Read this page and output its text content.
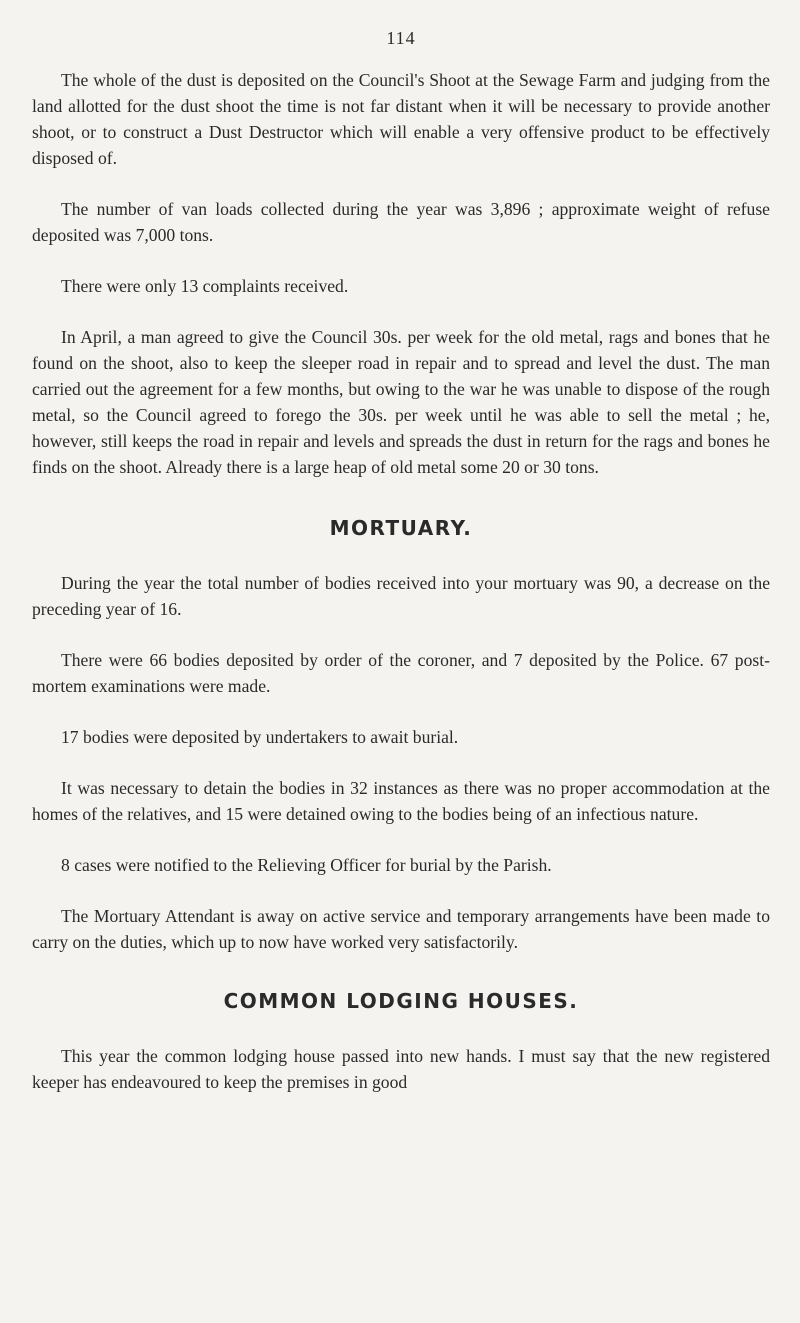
114

The whole of the dust is deposited on the Council's Shoot at the Sewage Farm and judging from the land allotted for the dust shoot the time is not far distant when it will be necessary to provide another shoot, or to construct a Dust Destructor which will enable a very offensive product to be effectively disposed of.

The number of van loads collected during the year was 3,896 ; approximate weight of refuse deposited was 7,000 tons.

There were only 13 complaints received.

In April, a man agreed to give the Council 30s. per week for the old metal, rags and bones that he found on the shoot, also to keep the sleeper road in repair and to spread and level the dust. The man carried out the agreement for a few months, but owing to the war he was unable to dispose of the rough metal, so the Council agreed to forego the 30s. per week until he was able to sell the metal ; he, however, still keeps the road in repair and levels and spreads the dust in return for the rags and bones he finds on the shoot. Already there is a large heap of old metal some 20 or 30 tons.

MORTUARY.

During the year the total number of bodies received into your mortuary was 90, a decrease on the preceding year of 16.

There were 66 bodies deposited by order of the coroner, and 7 deposited by the Police. 67 post-mortem examinations were made.

17 bodies were deposited by undertakers to await burial.

It was necessary to detain the bodies in 32 instances as there was no proper accommodation at the homes of the relatives, and 15 were detained owing to the bodies being of an infectious nature.

8 cases were notified to the Relieving Officer for burial by the Parish.

The Mortuary Attendant is away on active service and temporary arrangements have been made to carry on the duties, which up to now have worked very satisfactorily.

COMMON LODGING HOUSES.

This year the common lodging house passed into new hands. I must say that the new registered keeper has endeavoured to keep the premises in good
